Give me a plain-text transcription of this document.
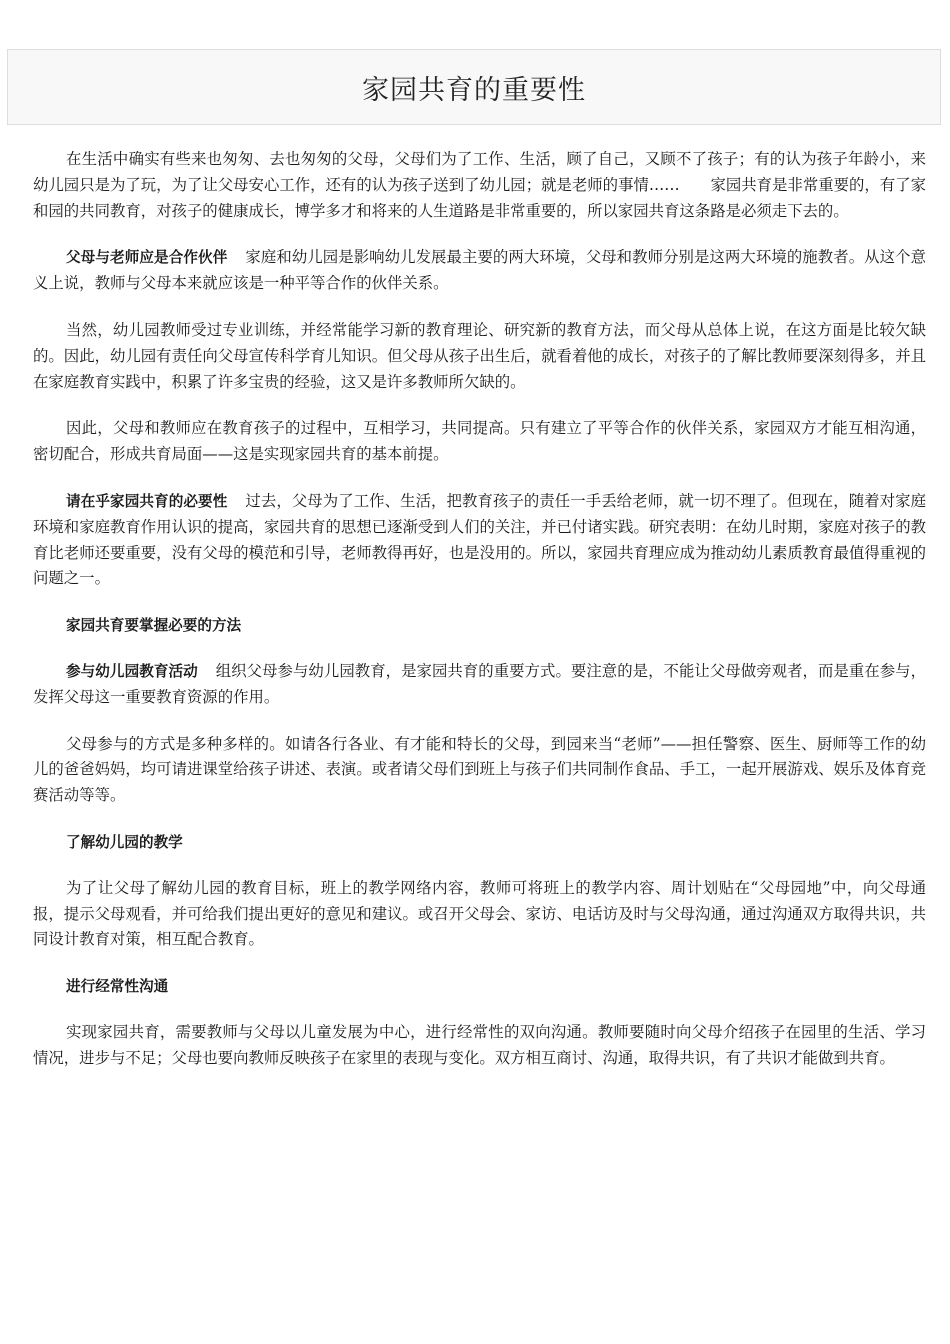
家园共育的重要性

在生活中确实有些来也匆匆、去也匆匆的父母，父母们为了工作、生活，顾了自己，又顾不了孩子；有的认为孩子年龄小，来幼儿园只是为了玩，为了让父母安心工作，还有的认为孩子送到了幼儿园；就是老师的事情……　　家园共育是非常重要的，有了家和园的共同教育，对孩子的健康成长，博学多才和将来的人生道路是非常重要的，所以家园共育这条路是必须走下去的。

父母与老师应是合作伙伴 家庭和幼儿园是影响幼儿发展最主要的两大环境，父母和教师分别是这两大环境的施教者。从这个意义上说，教师与父母本来就应该是一种平等合作的伙伴关系。

当然，幼儿园教师受过专业训练，并经常能学习新的教育理论、研究新的教育方法，而父母从总体上说，在这方面是比较欠缺的。因此，幼儿园有责任向父母宣传科学育儿知识。但父母从孩子出生后，就看着他的成长，对孩子的了解比教师要深刻得多，并且在家庭教育实践中，积累了许多宝贵的经验，这又是许多教师所欠缺的。

因此，父母和教师应在教育孩子的过程中，互相学习，共同提高。只有建立了平等合作的伙伴关系，家园双方才能互相沟通，密切配合，形成共育局面——这是实现家园共育的基本前提。

请在乎家园共育的必要性 过去，父母为了工作、生活，把教育孩子的责任一手丢给老师，就一切不理了。但现在，随着对家庭环境和家庭教育作用认识的提高，家园共育的思想已逐渐受到人们的关注，并已付诸实践。研究表明：在幼儿时期，家庭对孩子的教育比老师还要重要，没有父母的模范和引导，老师教得再好，也是没用的。所以，家园共育理应成为推动幼儿素质教育最值得重视的问题之一。

家园共育要掌握必要的方法

参与幼儿园教育活动 组织父母参与幼儿园教育，是家园共育的重要方式。要注意的是，不能让父母做旁观者，而是重在参与，发挥父母这一重要教育资源的作用。

父母参与的方式是多种多样的。如请各行各业、有才能和特长的父母，到园来当“老师”——担任警察、医生、厨师等工作的幼儿的爸爸妈妈，均可请进课堂给孩子讲述、表演。或者请父母们到班上与孩子们共同制作食品、手工，一起开展游戏、娱乐及体育竞赛活动等等。

了解幼儿园的教学

为了让父母了解幼儿园的教育目标，班上的教学网络内容，教师可将班上的教学内容、周计划贴在“父母园地”中，向父母通报，提示父母观看，并可给我们提出更好的意见和建议。或召开父母会、家访、电话访及时与父母沟通，通过沟通双方取得共识，共同设计教育对策，相互配合教育。

进行经常性沟通

实现家园共育，需要教师与父母以儿童发展为中心，进行经常性的双向沟通。教师要随时向父母介绍孩子在园里的生活、学习情况，进步与不足；父母也要向教师反映孩子在家里的表现与变化。双方相互商讨、沟通，取得共识，有了共识才能做到共育。
